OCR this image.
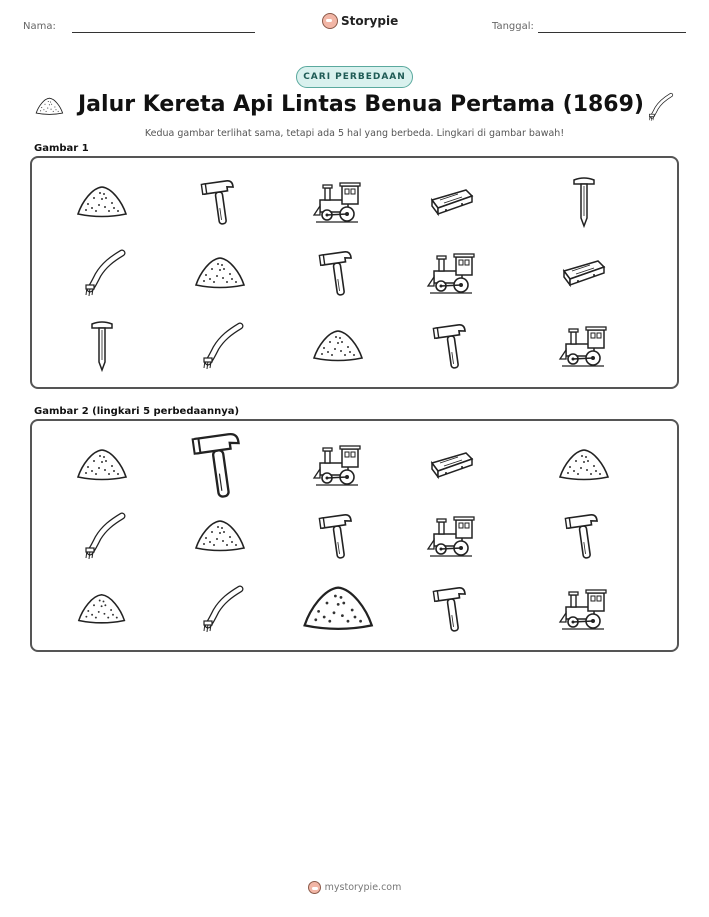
Nama:	Storypie	Tanggal:
CARI PERBEDAAN
Jalur Kereta Api Lintas Benua Pertama (1869)
Kedua gambar terlihat sama, tetapi ada 5 hal yang berbeda. Lingkari di gambar bawah!
Gambar 1
Gambar 2 (lingkari 5 perbedaannya)
mystorypie.com
